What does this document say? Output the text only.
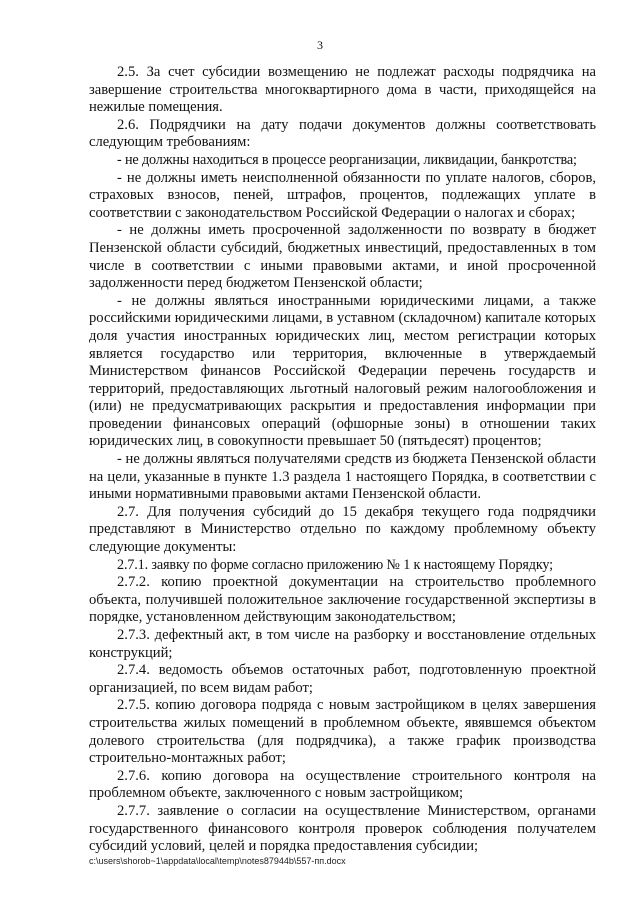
3

2.5. За счет субсидии возмещению не подлежат расходы подрядчика на завершение строительства многоквартирного дома в части, приходящейся на нежилые помещения.

2.6. Подрядчики на дату подачи документов должны соответствовать следующим требованиям:

- не должны находиться в процессе реорганизации, ликвидации, банкротства;

- не должны иметь неисполненной обязанности по уплате налогов, сборов, страховых взносов, пеней, штрафов, процентов, подлежащих уплате в соответствии с законодательством Российской Федерации о налогах и сборах;

- не должны иметь просроченной задолженности по возврату в бюджет Пензенской области субсидий, бюджетных инвестиций, предоставленных в том числе в соответствии с иными правовыми актами, и иной просроченной задолженности перед бюджетом Пензенской области;

- не должны являться иностранными юридическими лицами, а также российскими юридическими лицами, в уставном (складочном) капитале которых доля участия иностранных юридических лиц, местом регистрации которых является государство или территория, включенные в утверждаемый Министерством финансов Российской Федерации перечень государств и территорий, предоставляющих льготный налоговый режим налогообложения и (или) не предусматривающих раскрытия и предоставления информации при проведении финансовых операций (офшорные зоны) в отношении таких юридических лиц, в совокупности превышает 50 (пятьдесят) процентов;

- не должны являться получателями средств из бюджета Пензенской области на цели, указанные в пункте 1.3 раздела 1 настоящего Порядка, в соответствии с иными нормативными правовыми актами Пензенской области.

2.7. Для получения субсидий до 15 декабря текущего года подрядчики представляют в Министерство отдельно по каждому проблемному объекту следующие документы:

2.7.1. заявку по форме согласно приложению № 1 к настоящему Порядку;

2.7.2. копию проектной документации на строительство проблемного объекта, получившей положительное заключение государственной экспертизы в порядке, установленном действующим законодательством;

2.7.3. дефектный акт, в том числе на разборку и восстановление отдельных конструкций;

2.7.4. ведомость объемов остаточных работ, подготовленную проектной организацией, по всем видам работ;

2.7.5. копию договора подряда с новым застройщиком в целях завершения строительства жилых помещений в проблемном объекте, явявшемся объектом долевого строительства (для подрядчика), а также график производства строительно-монтажных работ;

2.7.6. копию договора на осуществление строительного контроля на проблемном объекте, заключенного с новым застройщиком;

2.7.7. заявление о согласии на осуществление Министерством, органами государственного финансового контроля проверок соблюдения получателем субсидий условий, целей и порядка предоставления субсидии;

c:\users\shorob~1\appdata\local\temp\notes87944b\557-пп.docx
